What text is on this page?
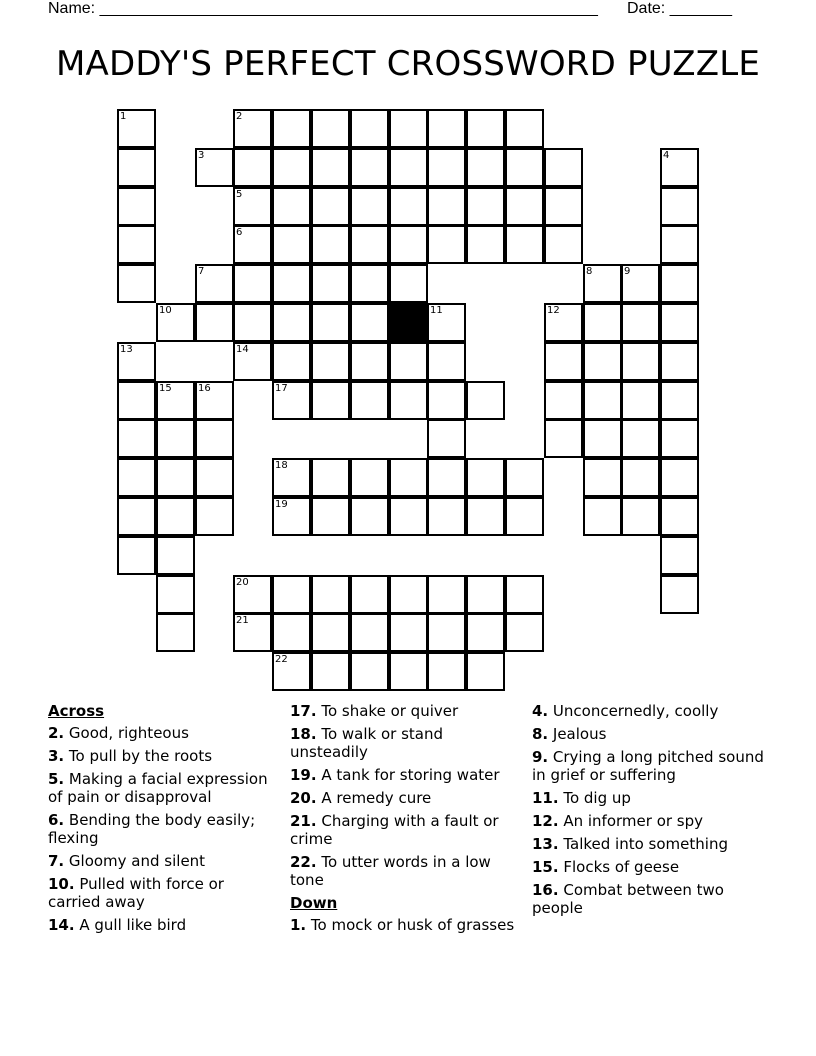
Name: ________________________________________________________ Date: _______
MADDY'S PERFECT CROSSWORD PUZZLE
1	2
3	4
5
6
7	8	9
10	11	12
13	14
15	16	17
18
19
20
21
22
Across
2. Good, righteous
3. To pull by the roots
5. Making a facial expression of pain or disapproval
6. Bending the body easily; flexing
7. Gloomy and silent
10. Pulled with force or carried away
14. A gull like bird
17. To shake or quiver
18. To walk or stand unsteadily
19. A tank for storing water
20. A remedy cure
21. Charging with a fault or crime
22. To utter words in a low tone
Down
1. To mock or husk of grasses
4. Unconcernedly, coolly
8. Jealous
9. Crying a long pitched sound in grief or suffering
11. To dig up
12. An informer or spy
13. Talked into something
15. Flocks of geese
16. Combat between two people
